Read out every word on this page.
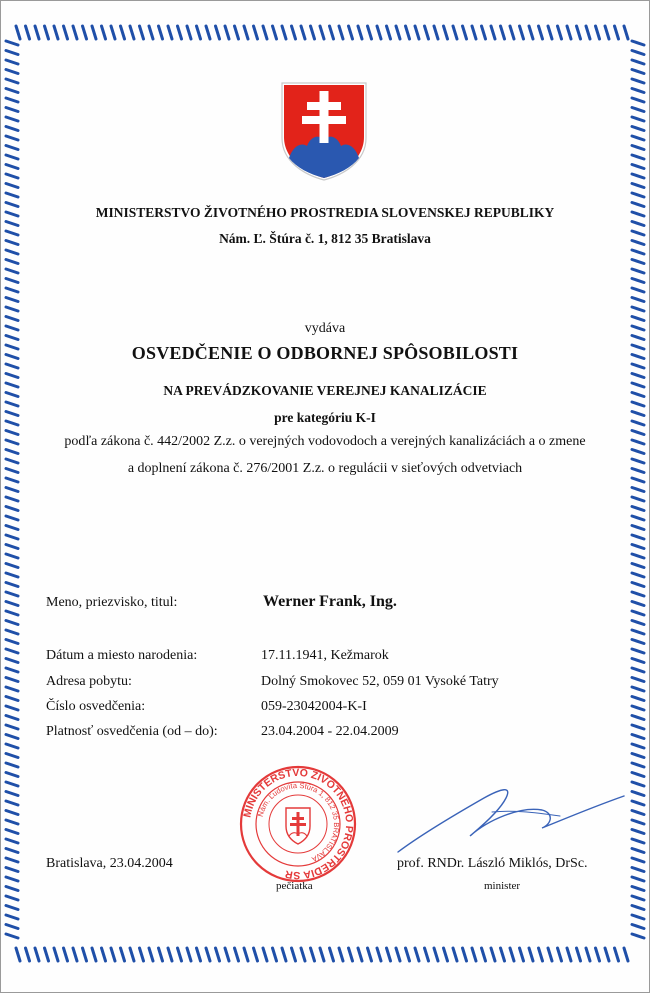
MINISTERSTVO ŽIVOTNÉHO PROSTREDIA SLOVENSKEJ REPUBLIKY
Nám. Ľ. Štúra č. 1, 812 35 Bratislava
vydáva
OSVEDČENIE O ODBORNEJ SPÔSOBILOSTI
NA PREVÁDZKOVANIE VEREJNEJ KANALIZÁCIE
pre kategóriu K-I
podľa zákona č. 442/2002 Z.z. o verejných vodovodoch a verejných kanalizáciách a o zmene
a doplnení zákona č. 276/2001 Z.z. o regulácii v sieťových odvetviach
Meno, priezvisko, titul:	Werner Frank, Ing.
Dátum a miesto narodenia:	17.11.1941, Kežmarok
Adresa pobytu:	Dolný Smokovec 52, 059 01 Vysoké Tatry
Číslo osvedčenia:	059-23042004-K-I
Platnosť osvedčenia (od – do):	23.04.2004 - 22.04.2009
MINISTERSTVO ŽIVOTNÉHO PROSTREDIA SR
Nám. Ľudovíta Štúra 1, 812 35 BRATISLAVA
Bratislava, 23.04.2004
pečiatka
prof. RNDr. László Miklós, DrSc.
minister
